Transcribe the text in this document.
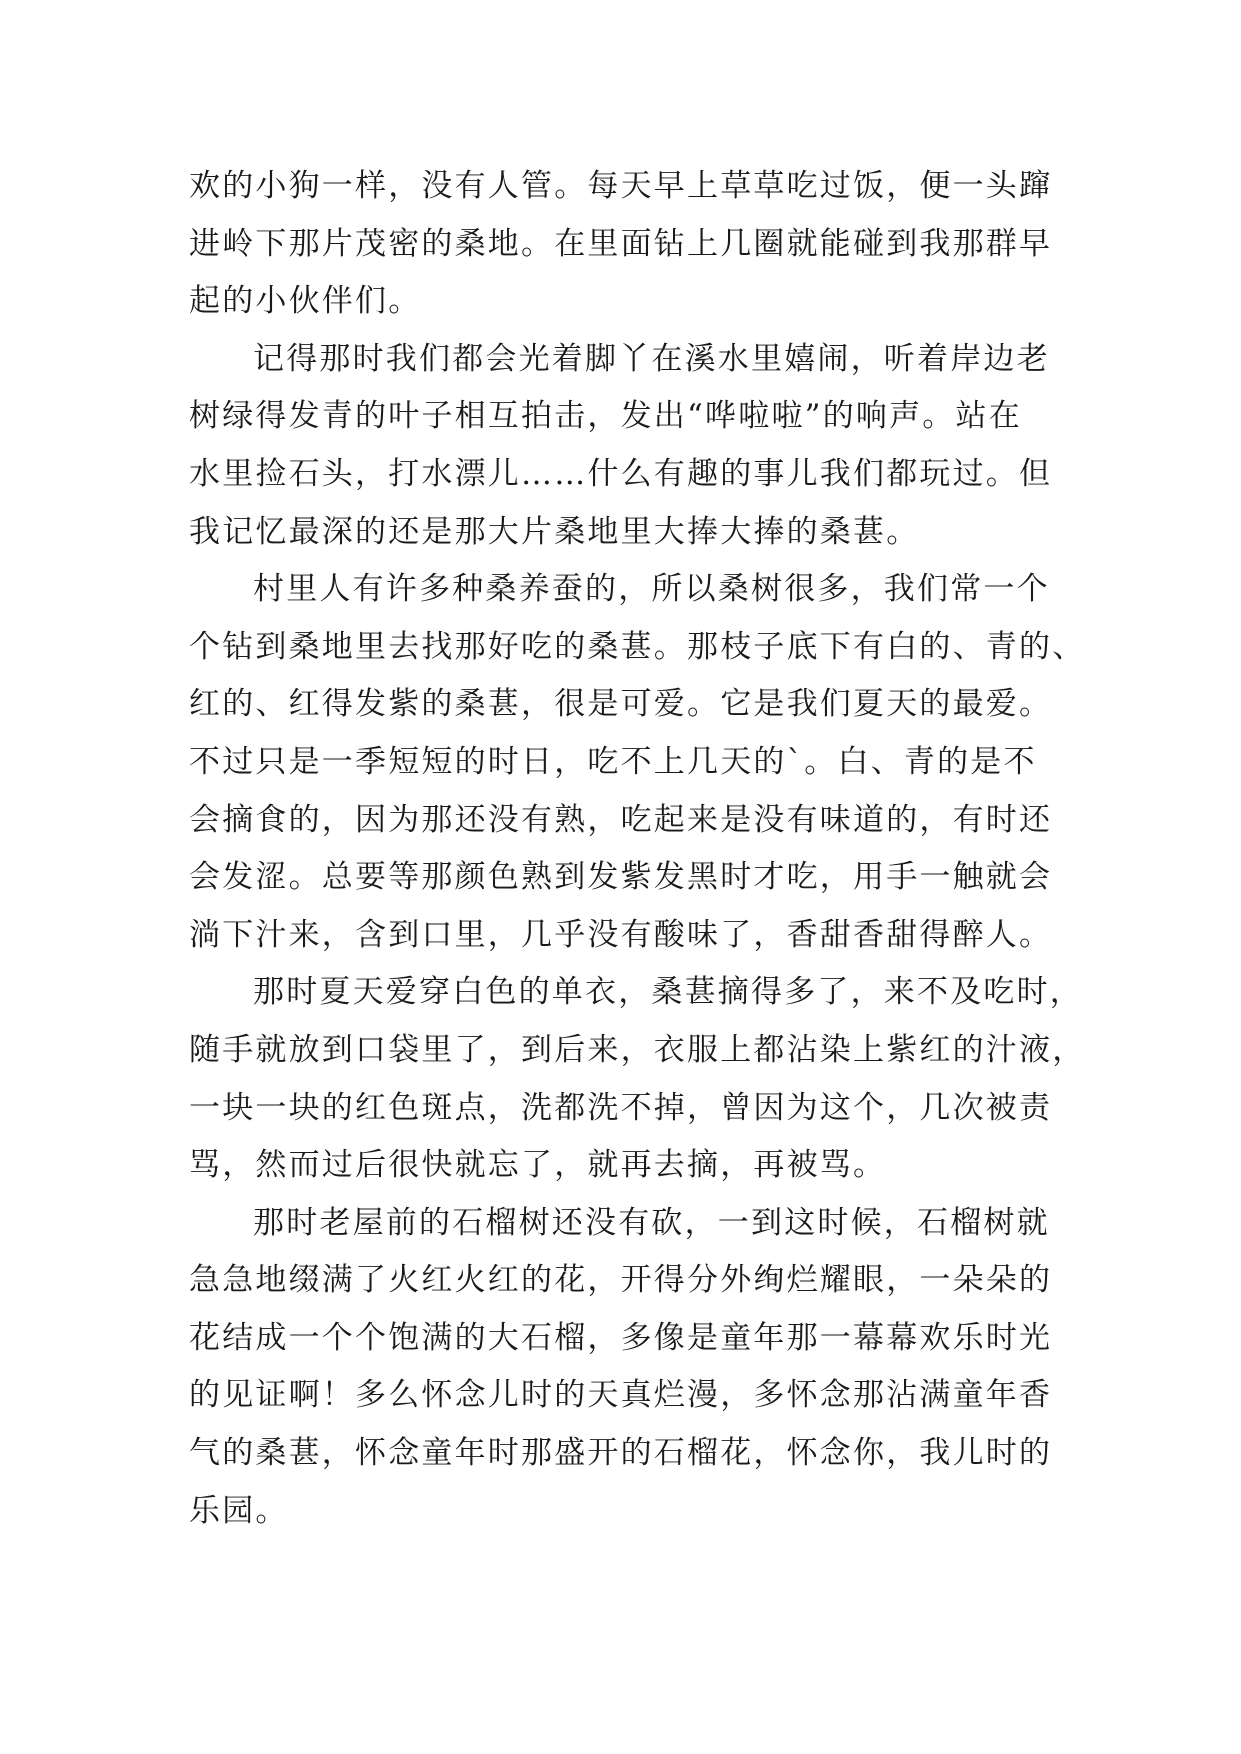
欢的小狗一样，没有人管。每天早上草草吃过饭，便一头蹿
进岭下那片茂密的桑地。在里面钻上几圈就能碰到我那群早
起的小伙伴们。
记得那时我们都会光着脚丫在溪水里嬉闹，听着岸边老
树绿得发青的叶子相互拍击，发出“哗啦啦”的响声。站在
水里捡石头，打水漂儿……什么有趣的事儿我们都玩过。但
我记忆最深的还是那大片桑地里大捧大捧的桑葚。
村里人有许多种桑养蚕的，所以桑树很多，我们常一个
个钻到桑地里去找那好吃的桑葚。那枝子底下有白的、青的、
红的、红得发紫的桑葚，很是可爱。它是我们夏天的最爱。
不过只是一季短短的时日，吃不上几天的`。白、青的是不
会摘食的，因为那还没有熟，吃起来是没有味道的，有时还
会发涩。总要等那颜色熟到发紫发黑时才吃，用手一触就会
淌下汁来，含到口里，几乎没有酸味了，香甜香甜得醉人。
那时夏天爱穿白色的单衣，桑葚摘得多了，来不及吃时，
随手就放到口袋里了，到后来，衣服上都沾染上紫红的汁液，
一块一块的红色斑点，洗都洗不掉，曾因为这个，几次被责
骂，然而过后很快就忘了，就再去摘，再被骂。
那时老屋前的石榴树还没有砍，一到这时候，石榴树就
急急地缀满了火红火红的花，开得分外绚烂耀眼，一朵朵的
花结成一个个饱满的大石榴，多像是童年那一幕幕欢乐时光
的见证啊！多么怀念儿时的天真烂漫，多怀念那沾满童年香
气的桑葚，怀念童年时那盛开的石榴花，怀念你，我儿时的
乐园。
